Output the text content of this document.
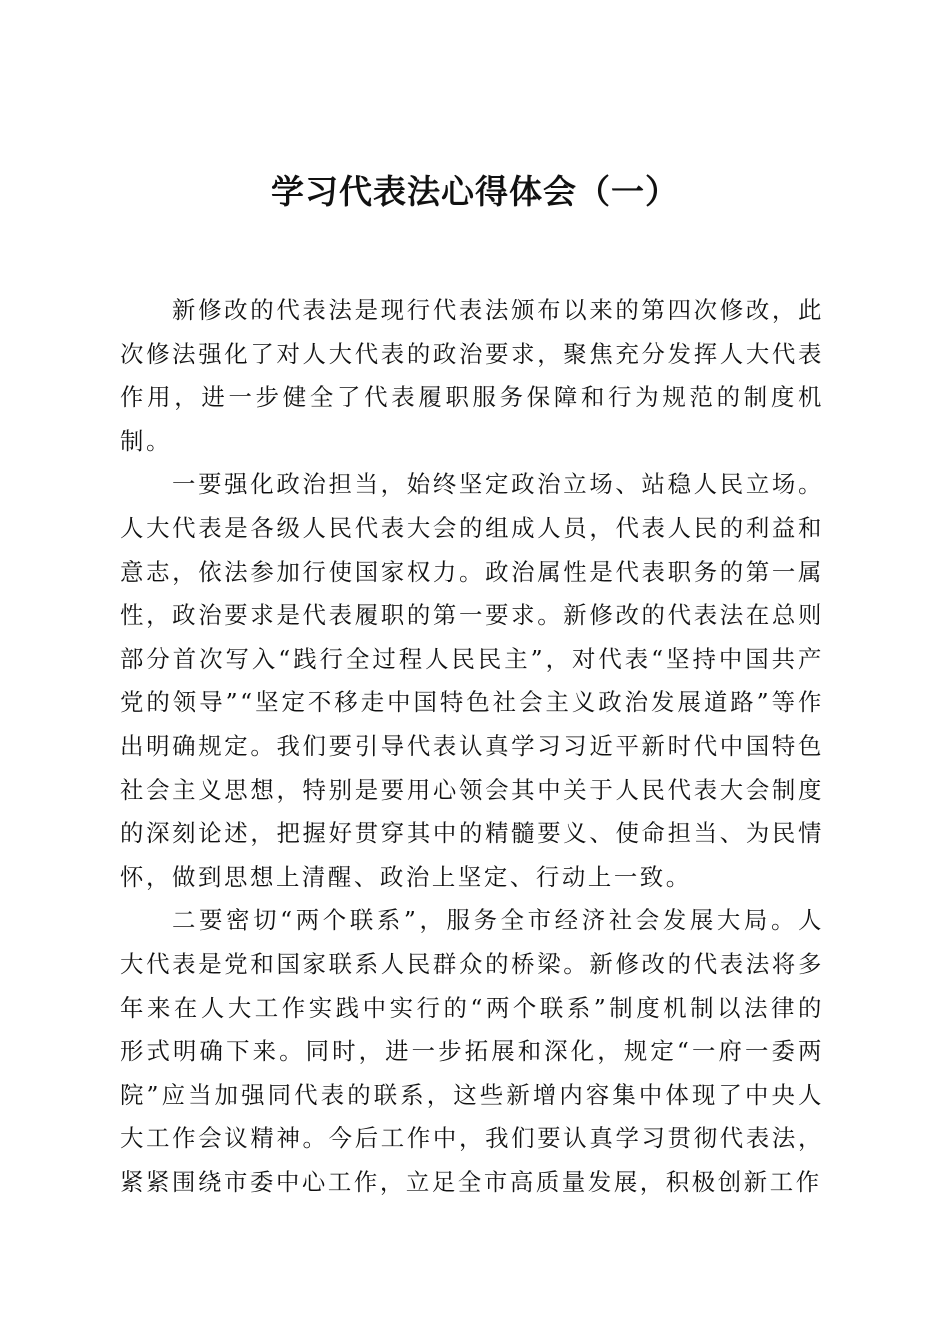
学习代表法心得体会（一）

新修改的代表法是现行代表法颁布以来的第四次修改，此次修法强化了对人大代表的政治要求，聚焦充分发挥人大代表作用，进一步健全了代表履职服务保障和行为规范的制度机制。

一要强化政治担当，始终坚定政治立场、站稳人民立场。人大代表是各级人民代表大会的组成人员，代表人民的利益和意志，依法参加行使国家权力。政治属性是代表职务的第一属性，政治要求是代表履职的第一要求。新修改的代表法在总则部分首次写入“践行全过程人民民主”，对代表“坚持中国共产党的领导”“坚定不移走中国特色社会主义政治发展道路”等作出明确规定。我们要引导代表认真学习习近平新时代中国特色社会主义思想，特别是要用心领会其中关于人民代表大会制度的深刻论述，把握好贯穿其中的精髓要义、使命担当、为民情怀，做到思想上清醒、政治上坚定、行动上一致。

二要密切“两个联系”，服务全市经济社会发展大局。人大代表是党和国家联系人民群众的桥梁。新修改的代表法将多年来在人大工作实践中实行的“两个联系”制度机制以法律的形式明确下来。同时，进一步拓展和深化，规定“一府一委两院”应当加强同代表的联系，这些新增内容集中体现了中央人大工作会议精神。今后工作中，我们要认真学习贯彻代表法，紧紧围绕市委中心工作，立足全市高质量发展，积极创新工作
